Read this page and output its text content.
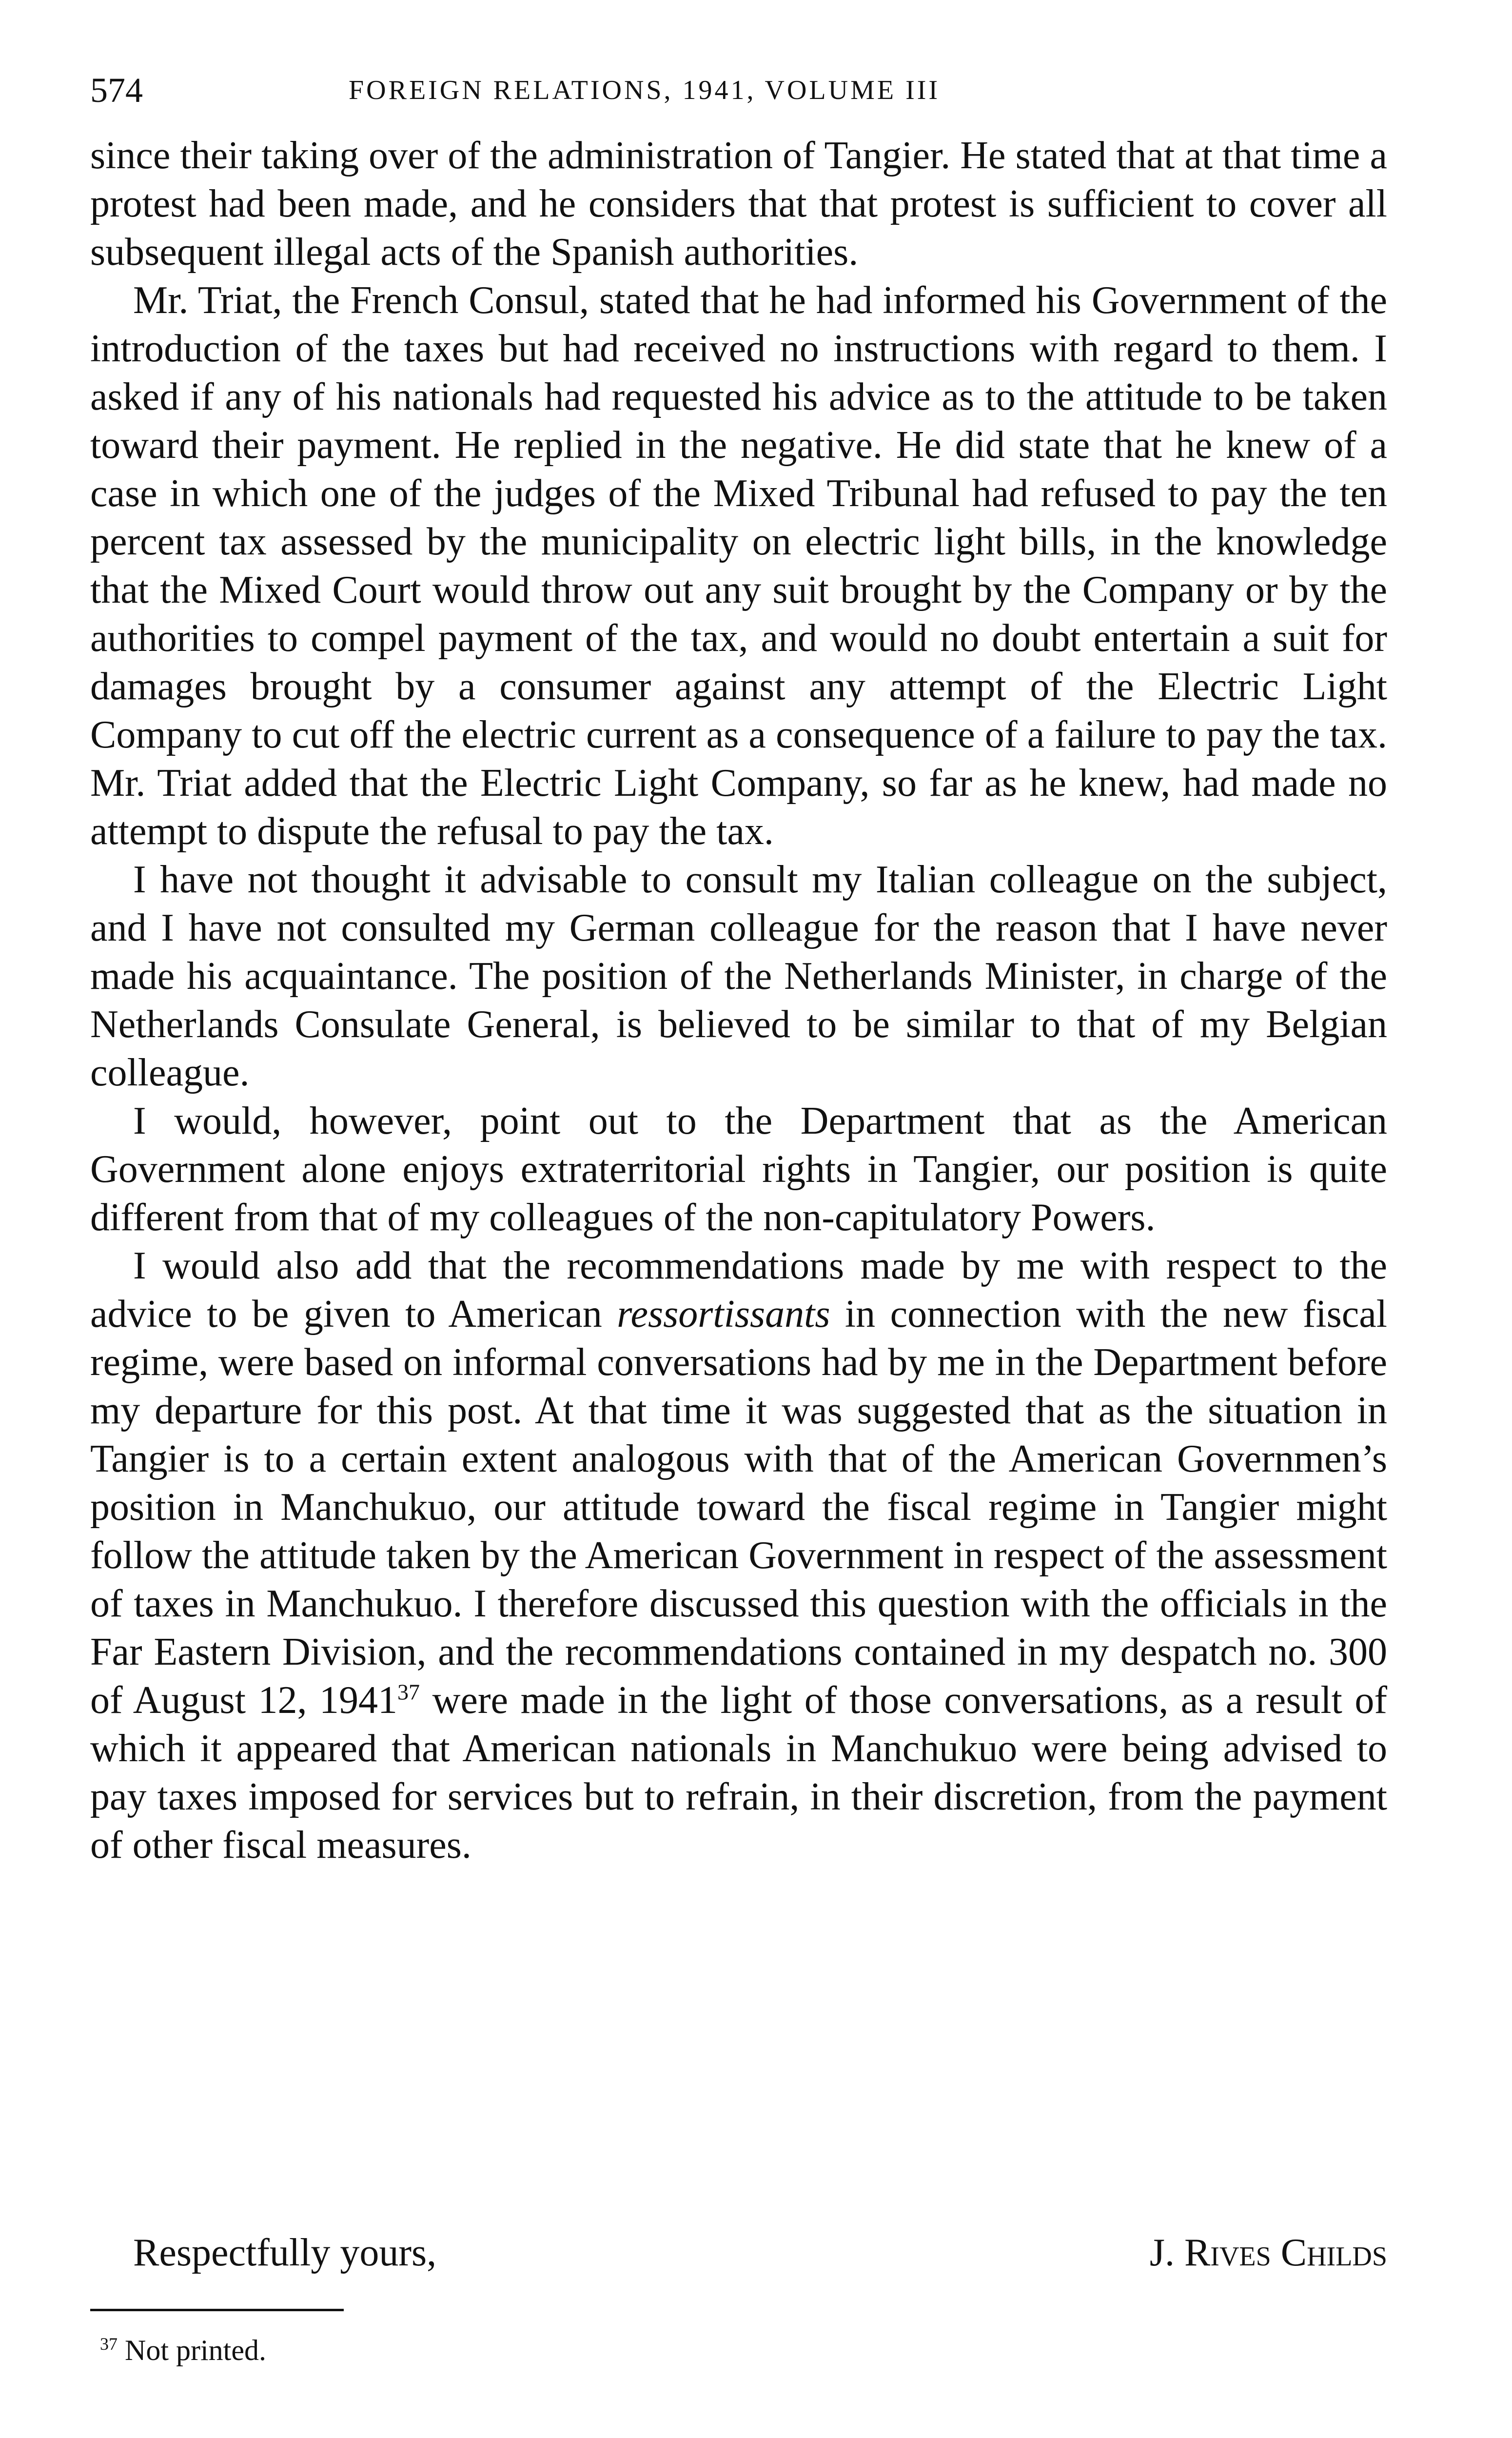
574	FOREIGN RELATIONS, 1941, VOLUME III

since their taking over of the administration of Tangier. He stated that at that time a protest had been made, and he considers that that protest is sufficient to cover all subsequent illegal acts of the Spanish authorities.

Mr. Triat, the French Consul, stated that he had informed his Government of the introduction of the taxes but had received no instructions with regard to them. I asked if any of his nationals had requested his advice as to the attitude to be taken toward their payment. He replied in the negative. He did state that he knew of a case in which one of the judges of the Mixed Tribunal had refused to pay the ten percent tax assessed by the municipality on electric light bills, in the knowledge that the Mixed Court would throw out any suit brought by the Company or by the authorities to compel payment of the tax, and would no doubt entertain a suit for damages brought by a consumer against any attempt of the Electric Light Company to cut off the electric current as a consequence of a failure to pay the tax. Mr. Triat added that the Electric Light Company, so far as he knew, had made no attempt to dispute the refusal to pay the tax.

I have not thought it advisable to consult my Italian colleague on the subject, and I have not consulted my German colleague for the reason that I have never made his acquaintance. The position of the Netherlands Minister, in charge of the Netherlands Consulate General, is believed to be similar to that of my Belgian colleague.

I would, however, point out to the Department that as the American Government alone enjoys extraterritorial rights in Tangier, our position is quite different from that of my colleagues of the non-capitulatory Powers.

I would also add that the recommendations made by me with respect to the advice to be given to American ressortissants in connection with the new fiscal regime, were based on informal conversations had by me in the Department before my departure for this post. At that time it was suggested that as the situation in Tangier is to a certain extent analogous with that of the American Governmen’s position in Manchukuo, our attitude toward the fiscal regime in Tangier might follow the attitude taken by the American Government in respect of the assessment of taxes in Manchukuo. I therefore discussed this question with the officials in the Far Eastern Division, and the recommendations contained in my despatch no. 300 of August 12, 1941$^{37}$ were made in the light of those conversations, as a result of which it appeared that American nationals in Manchukuo were being advised to pay taxes imposed for services but to refrain, in their discretion, from the payment of other fiscal measures.

Respectfully yours,	J. Rives Childs
$^{37}$ Not printed.
